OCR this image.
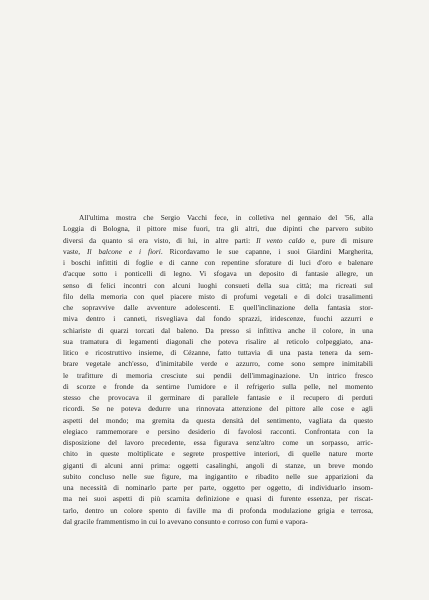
All'ultima mostra che Sergio Vacchi fece, in colletiva nel gennaio del '56, alla
Loggia di Bologna, il pittore mise fuori, tra gli altri, due dipinti che parvero subito
diversi da quanto si era visto, di lui, in altre parti: Il vento caldo e, pure di misure
vaste, Il balcone e i fiori. Ricordavamo le sue capanne, i suoi Giardini Margherita,
i boschi infittiti di foglie e di canne con repentine sforature di luci d'oro e balenare
d'acque sotto i ponticelli di legno. Vi sfogava un deposito di fantasie allegre, un
senso di felici incontri con alcuni luoghi consueti della sua città; ma ricreati sul
filo della memoria con quel piacere misto di profumi vegetali e di dolci trasalimenti
che sopravvive dalle avventure adolescenti. E quell'inclinazione della fantasia stor-
miva dentro i canneti, risvegliava dal fondo sprazzi, iridescenze, fuochi azzurri e
schiariste di quarzi torcati dal baleno. Da presso si infittiva anche il colore, in una
sua tramatura di legamenti diagonali che poteva risalire al reticolo colpeggiato, ana-
litico e ricostruttivo insieme, di Cézanne, fatto tuttavia di una pasta tenera da sem-
brare vegetale anch'esso, d'inimitabile verde e azzurro, come sono sempre inimitabili
le trafitture di memoria cresciute sui pendii dell'immaginazione. Un intrico fresco
di scorze e fronde da sentirne l'umidore e il refrigerio sulla pelle, nel momento
stesso che provocava il germinare di parallele fantasie e il recupero di perduti
ricordi. Se ne poteva dedurre una rinnovata attenzione del pittore alle cose e agli
aspetti del mondo; ma gremita da questa densità del sentimento, vagliata da questo
elegiaco rammemorare e persino desiderio di favolosi racconti. Confrontata con la
disposizione del lavoro precedente, essa figurava senz'altro come un sorpasso, arric-
chito in queste moltiplicate e segrete prospettive interiori, di quelle nature morte
giganti di alcuni anni prima: oggetti casalinghi, angoli di stanze, un breve mondo
subito concluso nelle sue figure, ma ingigantito e ribadito nelle sue apparizioni da
una necessità di nominarlo parte per parte, oggetto per oggetto, di individuarlo insom-
ma nei suoi aspetti di più scarnita definizione e quasi di furente essenza, per riscat-
tarlo, dentro un colore spento di faville ma di profonda modulazione grigia e terrosa,
dal gracile frammentismo in cui lo avevano consunto e corroso con fumi e vapora-
